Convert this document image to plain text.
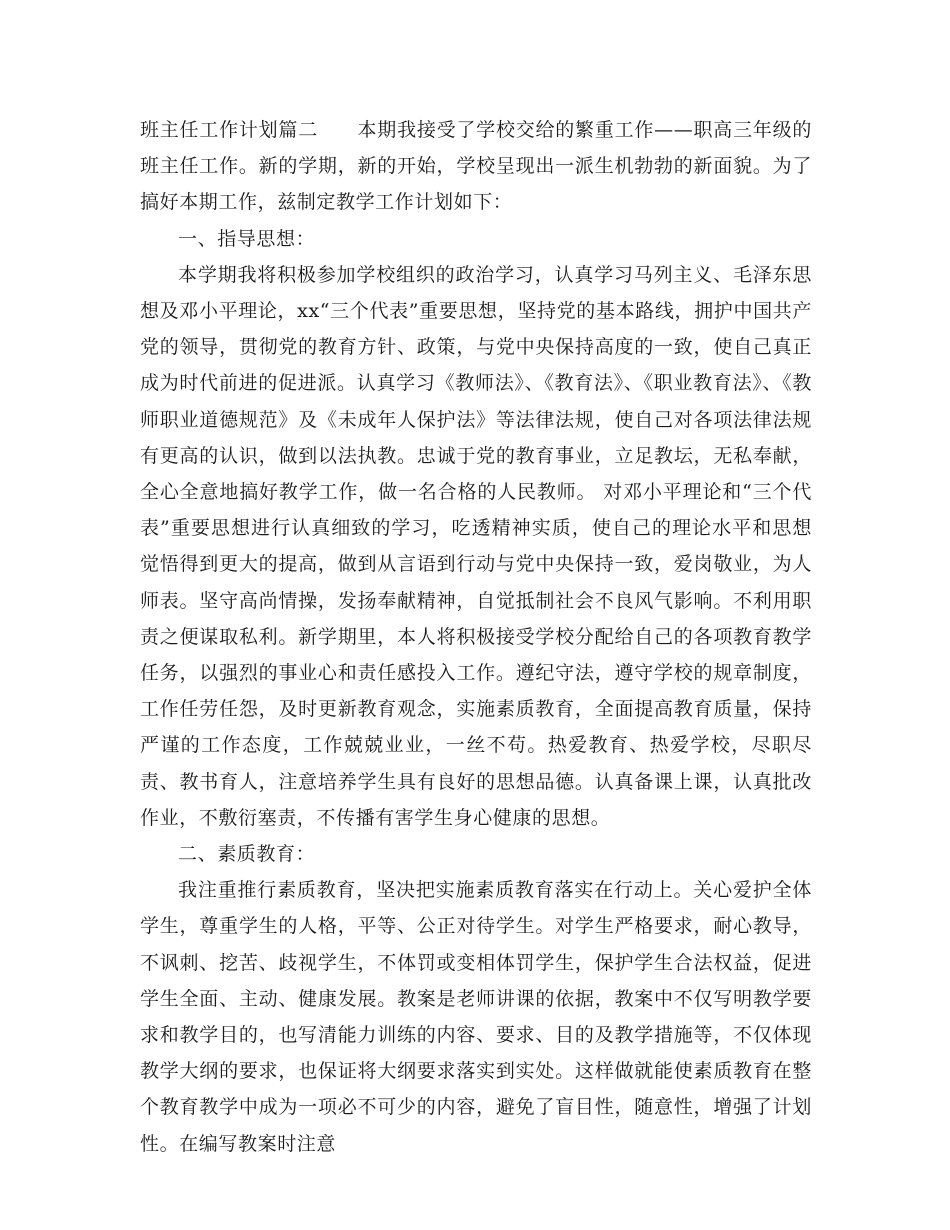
班主任工作计划篇二　　本期我接受了学校交给的繁重工作——职高三年级的班主任工作。新的学期，新的开始，学校呈现出一派生机勃勃的新面貌。为了搞好本期工作，兹制定教学工作计划如下：

一、指导思想：

本学期我将积极参加学校组织的政治学习，认真学习马列主义、毛泽东思想及邓小平理论，xx“三个代表”重要思想，坚持党的基本路线，拥护中国共产党的领导，贯彻党的教育方针、政策，与党中央保持高度的一致，使自己真正成为时代前进的促进派。认真学习《教师法》、《教育法》、《职业教育法》、《教师职业道德规范》及《未成年人保护法》等法律法规，使自己对各项法律法规有更高的认识，做到以法执教。忠诚于党的教育事业，立足教坛，无私奉献，全心全意地搞好教学工作，做一名合格的人民教师。 对邓小平理论和“三个代表”重要思想进行认真细致的学习，吃透精神实质，使自己的理论水平和思想觉悟得到更大的提高，做到从言语到行动与党中央保持一致，爱岗敬业，为人师表。坚守高尚情操，发扬奉献精神，自觉抵制社会不良风气影响。不利用职责之便谋取私利。新学期里，本人将积极接受学校分配给自己的各项教育教学任务，以强烈的事业心和责任感投入工作。遵纪守法，遵守学校的规章制度，工作任劳任怨，及时更新教育观念，实施素质教育，全面提高教育质量，保持严谨的工作态度，工作兢兢业业，一丝不苟。热爱教育、热爱学校，尽职尽责、教书育人，注意培养学生具有良好的思想品德。认真备课上课，认真批改作业，不敷衍塞责，不传播有害学生身心健康的思想。

二、素质教育：

我注重推行素质教育，坚决把实施素质教育落实在行动上。关心爱护全体学生，尊重学生的人格，平等、公正对待学生。对学生严格要求，耐心教导，不讽刺、挖苦、歧视学生，不体罚或变相体罚学生，保护学生合法权益，促进学生全面、主动、健康发展。教案是老师讲课的依据，教案中不仅写明教学要求和教学目的，也写清能力训练的内容、要求、目的及教学措施等，不仅体现教学大纲的要求，也保证将大纲要求落实到实处。这样做就能使素质教育在整个教育教学中成为一项必不可少的内容，避免了盲目性，随意性，增强了计划性。在编写教案时注意
